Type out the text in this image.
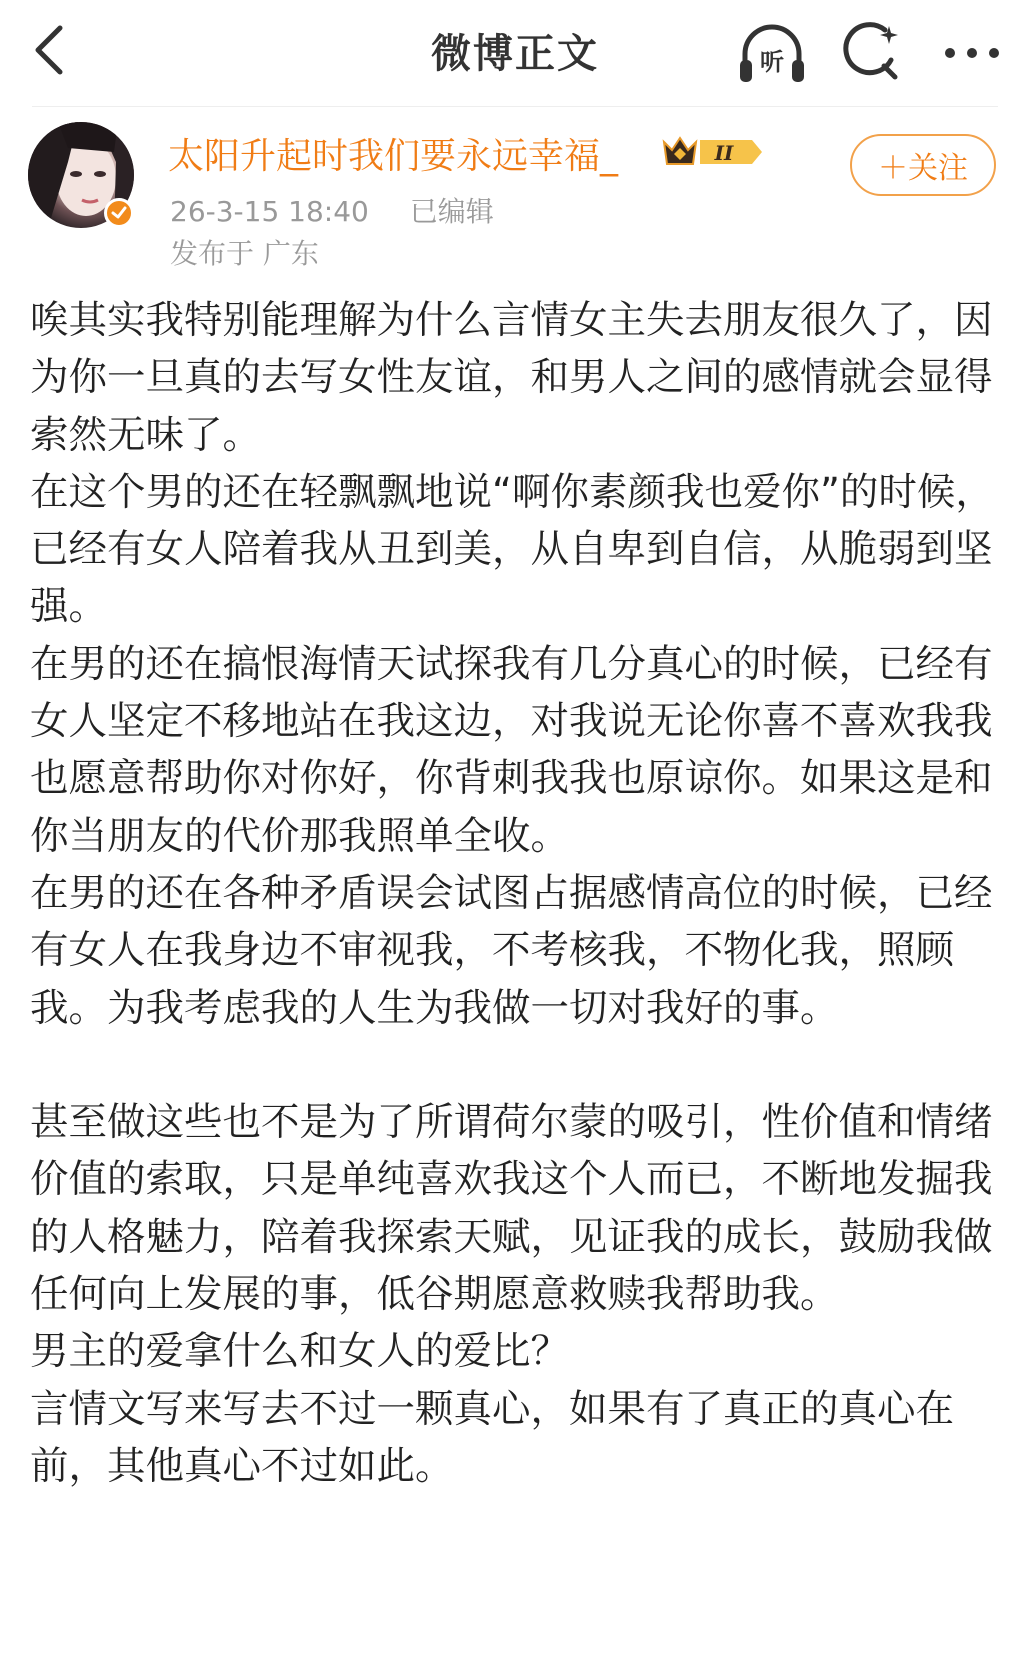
微博正文	听
太阳升起时我们要永远幸福_	II
26-3-15 18:40 已编辑
发布于 广东
＋关注

唉其实我特别能理解为什么言情女主失去朋友很久了，因为你一旦真的去写女性友谊，和男人之间的感情就会显得索然无味了。

在这个男的还在轻飘飘地说“啊你素颜我也爱你”的时候，已经有女人陪着我从丑到美，从自卑到自信，从脆弱到坚强。

在男的还在搞恨海情天试探我有几分真心的时候，已经有女人坚定不移地站在我这边，对我说无论你喜不喜欢我我也愿意帮助你对你好，你背刺我我也原谅你。如果这是和你当朋友的代价那我照单全收。

在男的还在各种矛盾误会试图占据感情高位的时候，已经有女人在我身边不审视我，不考核我，不物化我，照顾我。为我考虑我的人生为我做一切对我好的事。

甚至做这些也不是为了所谓荷尔蒙的吸引，性价值和情绪价值的索取，只是单纯喜欢我这个人而已，不断地发掘我的人格魅力，陪着我探索天赋，见证我的成长，鼓励我做任何向上发展的事，低谷期愿意救赎我帮助我。

男主的爱拿什么和女人的爱比？

言情文写来写去不过一颗真心，如果有了真正的真心在前，其他真心不过如此。
